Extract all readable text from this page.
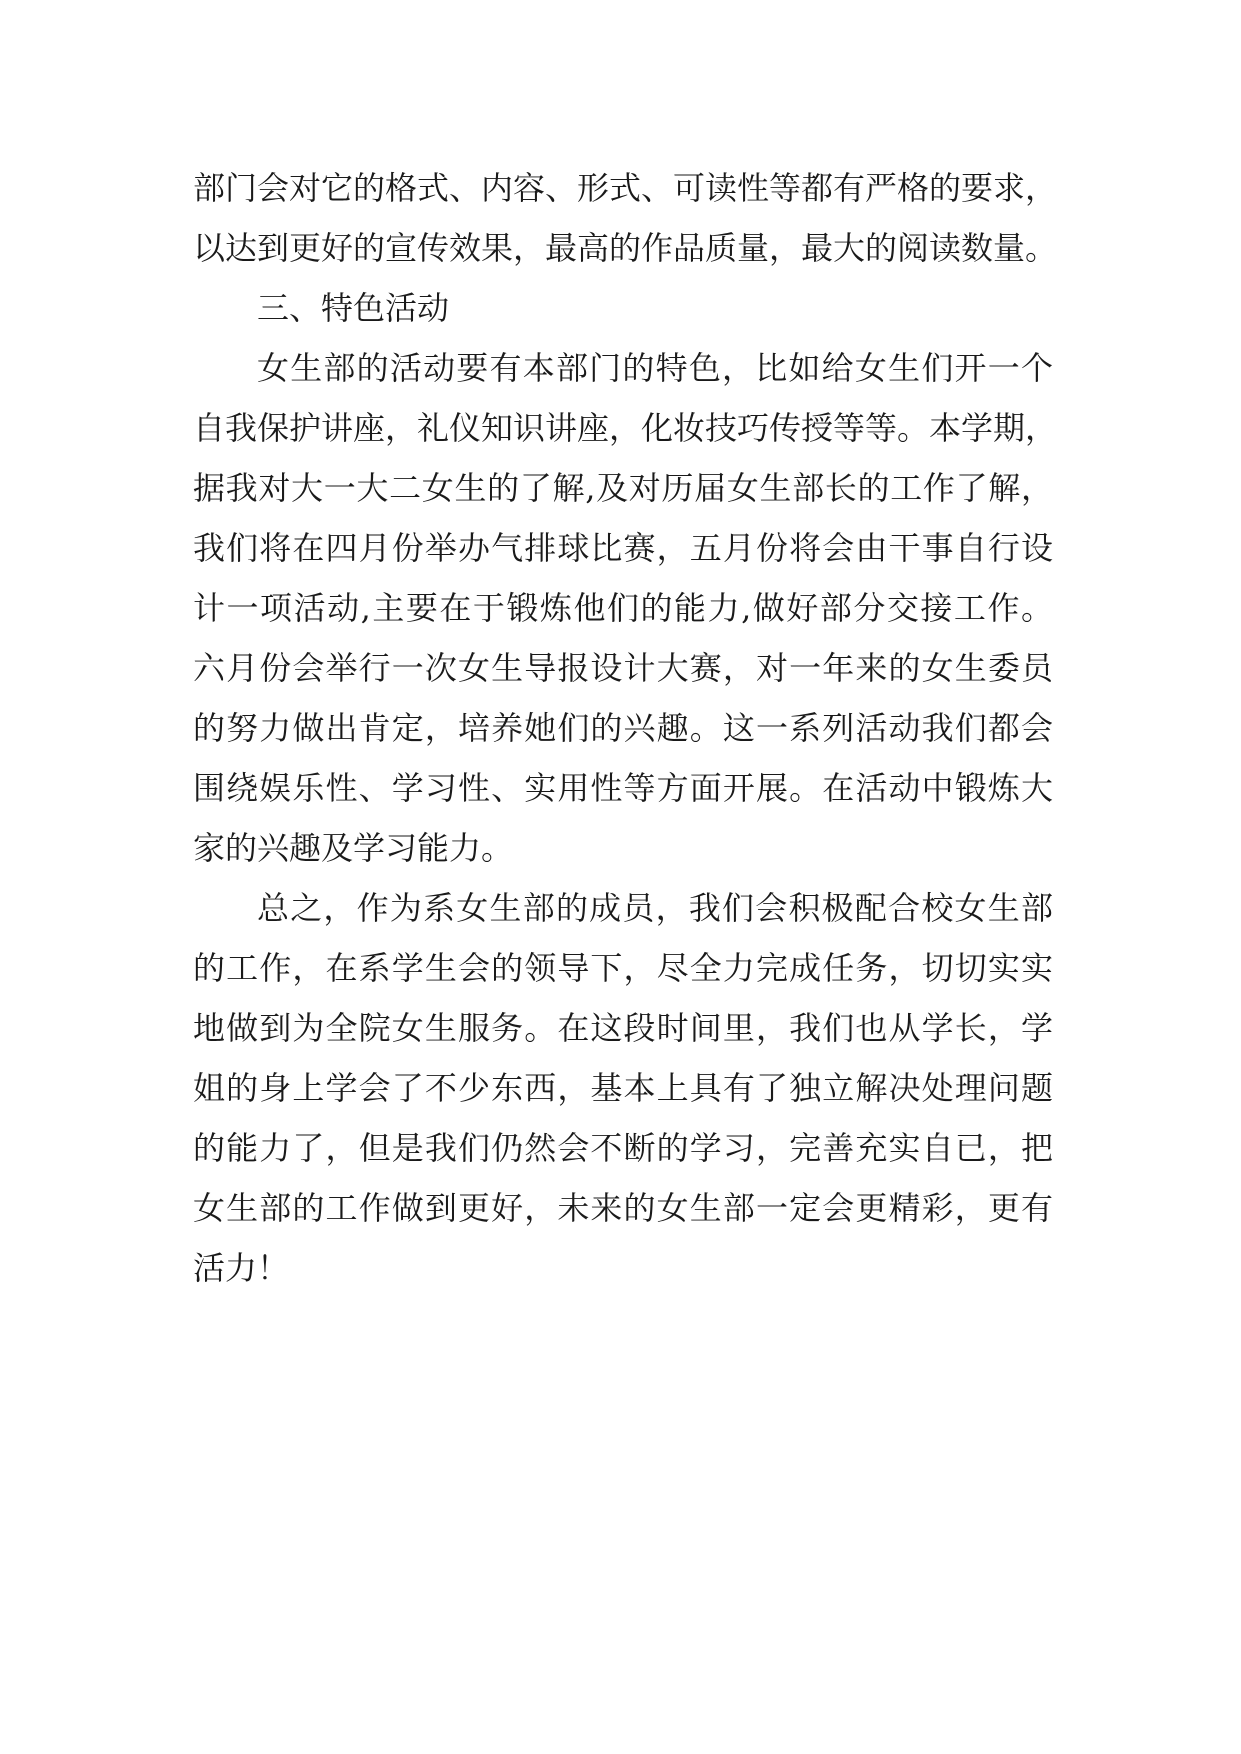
部门会对它的格式、内容、形式、可读性等都有严格的要求，
以达到更好的宣传效果，最高的作品质量，最大的阅读数量。
三、特色活动
女生部的活动要有本部门的特色，比如给女生们开一个
自我保护讲座，礼仪知识讲座，化妆技巧传授等等。本学期，
据我对大一大二女生的了解,及对历届女生部长的工作了解，
我们将在四月份举办气排球比赛，五月份将会由干事自行设
计一项活动,主要在于锻炼他们的能力,做好部分交接工作。
六月份会举行一次女生导报设计大赛，对一年来的女生委员
的努力做出肯定，培养她们的兴趣。这一系列活动我们都会
围绕娱乐性、学习性、实用性等方面开展。在活动中锻炼大
家的兴趣及学习能力。
总之，作为系女生部的成员，我们会积极配合校女生部
的工作，在系学生会的领导下，尽全力完成任务，切切实实
地做到为全院女生服务。在这段时间里，我们也从学长，学
姐的身上学会了不少东西，基本上具有了独立解决处理问题
的能力了，但是我们仍然会不断的学习，完善充实自已，把
女生部的工作做到更好，未来的女生部一定会更精彩，更有
活力！
